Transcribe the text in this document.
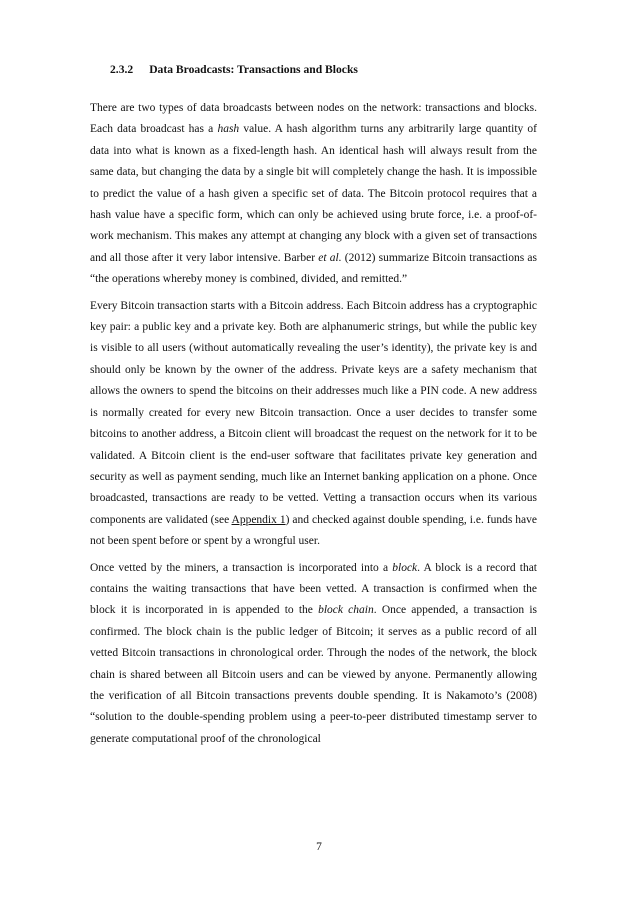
2.3.2 Data Broadcasts: Transactions and Blocks

There are two types of data broadcasts between nodes on the network: transactions and blocks. Each data broadcast has a hash value. A hash algorithm turns any arbitrarily large quantity of data into what is known as a fixed-length hash. An identical hash will always result from the same data, but changing the data by a single bit will completely change the hash. It is impossible to predict the value of a hash given a specific set of data. The Bitcoin protocol requires that a hash value have a specific form, which can only be achieved using brute force, i.e. a proof-of-work mechanism. This makes any attempt at changing any block with a given set of transactions and all those after it very labor intensive. Barber et al. (2012) summarize Bitcoin transactions as “the operations whereby money is combined, divided, and remitted.”

Every Bitcoin transaction starts with a Bitcoin address. Each Bitcoin address has a cryptographic key pair: a public key and a private key. Both are alphanumeric strings, but while the public key is visible to all users (without automatically revealing the user’s identity), the private key is and should only be known by the owner of the address. Private keys are a safety mechanism that allows the owners to spend the bitcoins on their addresses much like a PIN code. A new address is normally created for every new Bitcoin transaction. Once a user decides to transfer some bitcoins to another address, a Bitcoin client will broadcast the request on the network for it to be validated. A Bitcoin client is the end-user software that facilitates private key generation and security as well as payment sending, much like an Internet banking application on a phone. Once broadcasted, transactions are ready to be vetted. Vetting a transaction occurs when its various components are validated (see Appendix 1) and checked against double spending, i.e. funds have not been spent before or spent by a wrongful user.

Once vetted by the miners, a transaction is incorporated into a block. A block is a record that contains the waiting transactions that have been vetted. A transaction is confirmed when the block it is incorporated in is appended to the block chain. Once appended, a transaction is confirmed. The block chain is the public ledger of Bitcoin; it serves as a public record of all vetted Bitcoin transactions in chronological order. Through the nodes of the network, the block chain is shared between all Bitcoin users and can be viewed by anyone. Permanently allowing the verification of all Bitcoin transactions prevents double spending. It is Nakamoto’s (2008) “solution to the double-spending problem using a peer-to-peer distributed timestamp server to generate computational proof of the chronological

7
